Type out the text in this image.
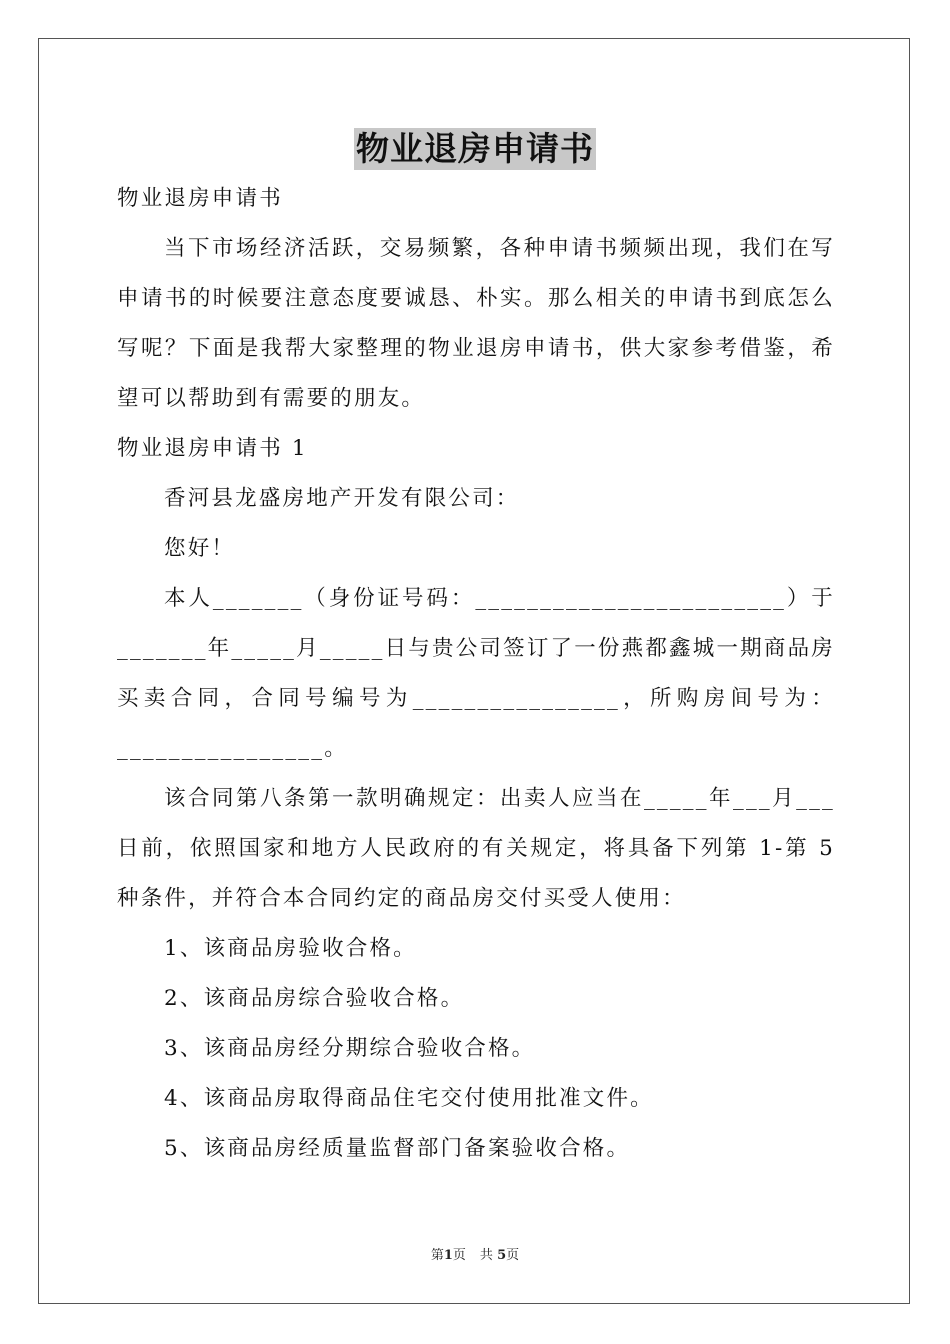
物业退房申请书

物业退房申请书

当下市场经济活跃，交易频繁，各种申请书频频出现，我们在写申请书的时候要注意态度要诚恳、朴实。那么相关的申请书到底怎么写呢？下面是我帮大家整理的物业退房申请书，供大家参考借鉴，希望可以帮助到有需要的朋友。

物业退房申请书 1

香河县龙盛房地产开发有限公司：

您好！

本人_______（身份证号码：________________________）于_______年_____月_____日与贵公司签订了一份燕都鑫城一期商品房买卖合同，合同号编号为________________，所购房间号为：________________。

该合同第八条第一款明确规定：出卖人应当在_____年___月___日前，依照国家和地方人民政府的有关规定，将具备下列第 1-第 5 种条件，并符合本合同约定的商品房交付买受人使用：

1、该商品房验收合格。

2、该商品房综合验收合格。

3、该商品房经分期综合验收合格。

4、该商品房取得商品住宅交付使用批准文件。

5、该商品房经质量监督部门备案验收合格。

第1页 共 5页
